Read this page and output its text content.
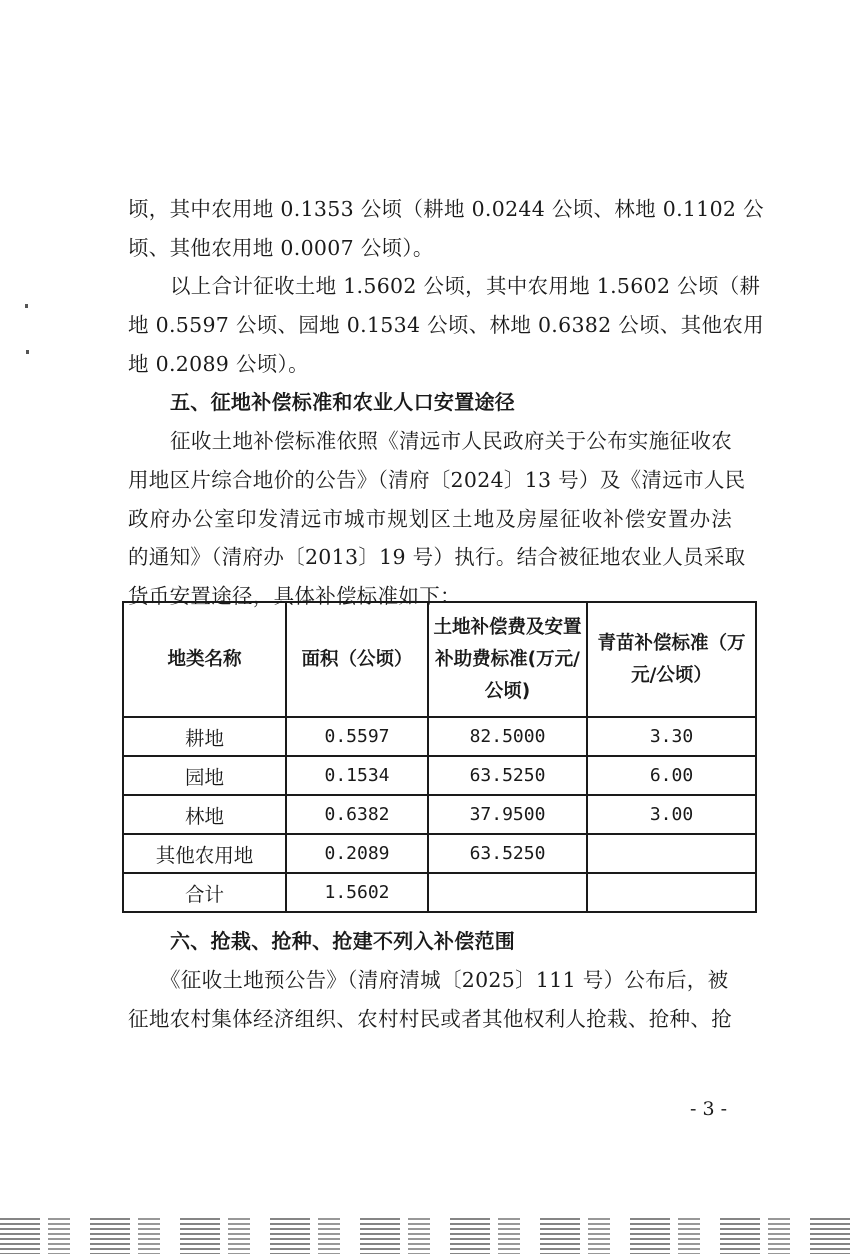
顷，其中农用地 0.1353 公顷（耕地 0.0244 公顷、林地 0.1102 公
顷、其他农用地 0.0007 公顷）。
以上合计征收土地 1.5602 公顷，其中农用地 1.5602 公顷（耕
地 0.5597 公顷、园地 0.1534 公顷、林地 0.6382 公顷、其他农用
地 0.2089 公顷）。
五、征地补偿标准和农业人口安置途径
征收土地补偿标准依照《清远市人民政府关于公布实施征收农
用地区片综合地价的公告》（清府〔2024〕13 号）及《清远市人民
政府办公室印发清远市城市规划区土地及房屋征收补偿安置办法
的通知》（清府办〔2013〕19 号）执行。结合被征地农业人员采取
货币安置途径，具体补偿标准如下：
地类名称	面积（公顷）	土地补偿费及安置补助费标准(万元/公顷)	青苗补偿标准（万元/公顷）
耕地	0.5597	82.5000	3.30
园地	0.1534	63.5250	6.00
林地	0.6382	37.9500	3.00
其他农用地	0.2089	63.5250	
合计	1.5602		
六、抢栽、抢种、抢建不列入补偿范围
《征收土地预公告》（清府清城〔2025〕111 号）公布后，被
征地农村集体经济组织、农村村民或者其他权利人抢栽、抢种、抢
- 3 -
